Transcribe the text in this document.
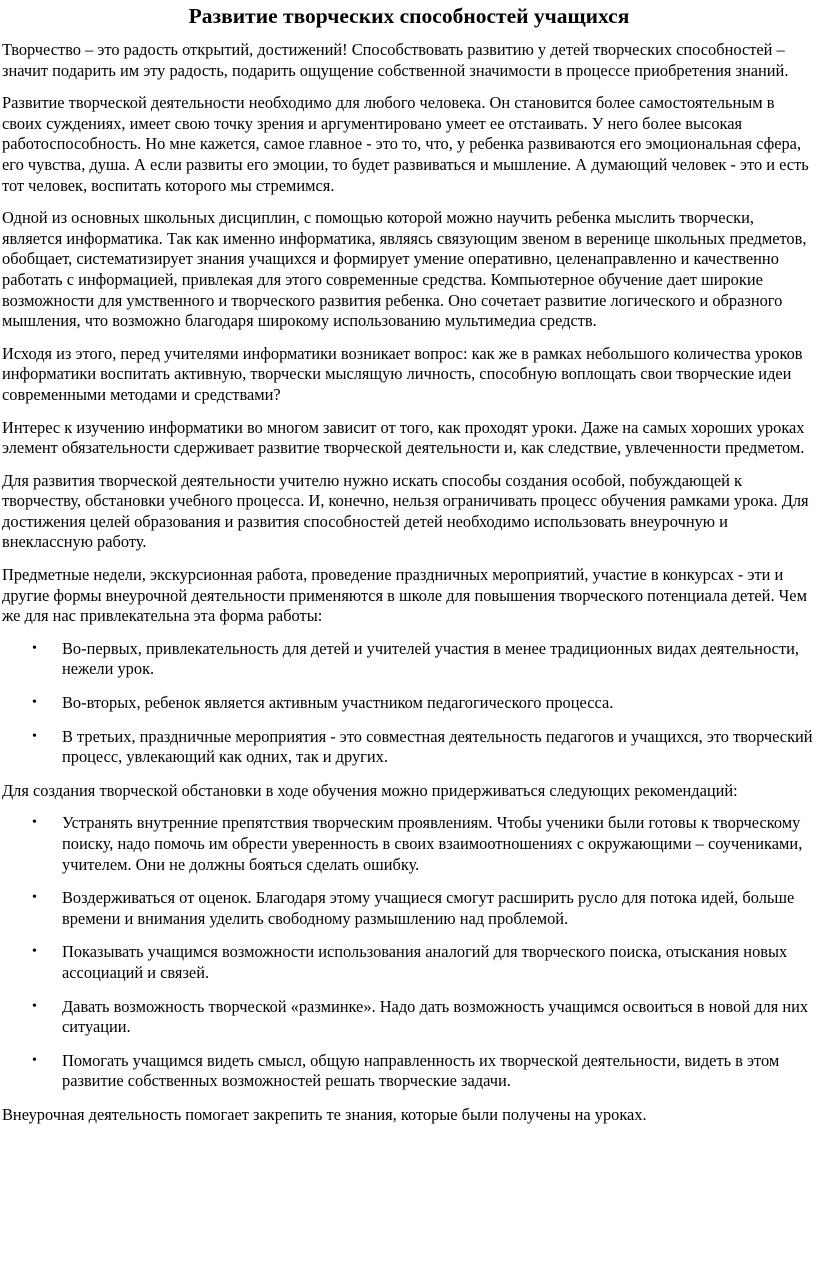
Развитие творческих способностей учащихся

Творчество – это радость открытий, достижений! Способствовать развитию у детей творческих способностей – значит подарить им эту радость, подарить ощущение собственной значимости в процессе приобретения знаний.

Развитие творческой деятельности необходимо для любого человека. Он становится более самостоятельным в своих суждениях, имеет свою точку зрения и аргументировано умеет ее отстаивать. У него более высокая работоспособность. Но мне кажется, самое главное - это то, что, у ребенка развиваются его эмоциональная сфера, его чувства, душа. А если развиты его эмоции, то будет развиваться и мышление. А думающий человек - это и есть тот человек, воспитать которого мы стремимся.

Одной из основных школьных дисциплин, с помощью которой можно научить ребенка мыслить творчески, является информатика. Так как именно информатика, являясь связующим звеном в веренице школьных предметов, обобщает, систематизирует знания учащихся и формирует умение оперативно, целенаправленно и качественно работать с информацией, привлекая для этого современные средства. Компьютерное обучение дает широкие возможности для умственного и творческого развития ребенка. Оно сочетает развитие логического и образного мышления, что возможно благодаря широкому использованию мультимедиа средств.

Исходя из этого, перед учителями информатики возникает вопрос: как же в рамках небольшого количества уроков информатики воспитать активную, творчески мыслящую личность, способную воплощать свои творческие идеи современными методами и средствами?

Интерес к изучению информатики во многом зависит от того, как проходят уроки. Даже на самых хороших уроках элемент обязательности сдерживает развитие творческой деятельности и, как следствие, увлеченности предметом.

Для развития творческой деятельности учителю нужно искать способы создания особой, побуждающей к творчеству, обстановки учебного процесса. И, конечно, нельзя ограничивать процесс обучения рамками урока. Для достижения целей образования и развития способностей детей необходимо использовать внеурочную и внеклассную работу.

Предметные недели, экскурсионная работа, проведение праздничных мероприятий, участие в конкурсах - эти и другие формы внеурочной деятельности применяются в школе для повышения творческого потенциала детей. Чем же для нас привлекательна эта форма работы:

• Во-первых, привлекательность для детей и учителей участия в менее традиционных видах деятельности, нежели урок.
• Во-вторых, ребенок является активным участником педагогического процесса.
• В третьих, праздничные мероприятия - это совместная деятельность педагогов и учащихся, это творческий процесс, увлекающий как одних, так и других.

Для создания творческой обстановки в ходе обучения можно придерживаться следующих рекомендаций:

• Устранять внутренние препятствия творческим проявлениям. Чтобы ученики были готовы к творческому поиску, надо помочь им обрести уверенность в своих взаимоотношениях с окружающими – соучениками, учителем. Они не должны бояться сделать ошибку.
• Воздерживаться от оценок. Благодаря этому учащиеся смогут расширить русло для потока идей, больше времени и внимания уделить свободному размышлению над проблемой.
• Показывать учащимся возможности использования аналогий для творческого поиска, отыскания новых ассоциаций и связей.
• Давать возможность творческой «разминке». Надо дать возможность учащимся освоиться в новой для них ситуации.
• Помогать учащимся видеть смысл, общую направленность их творческой деятельности, видеть в этом развитие собственных возможностей решать творческие задачи.

Внеурочная деятельность помогает закрепить те знания, которые были получены на уроках.
